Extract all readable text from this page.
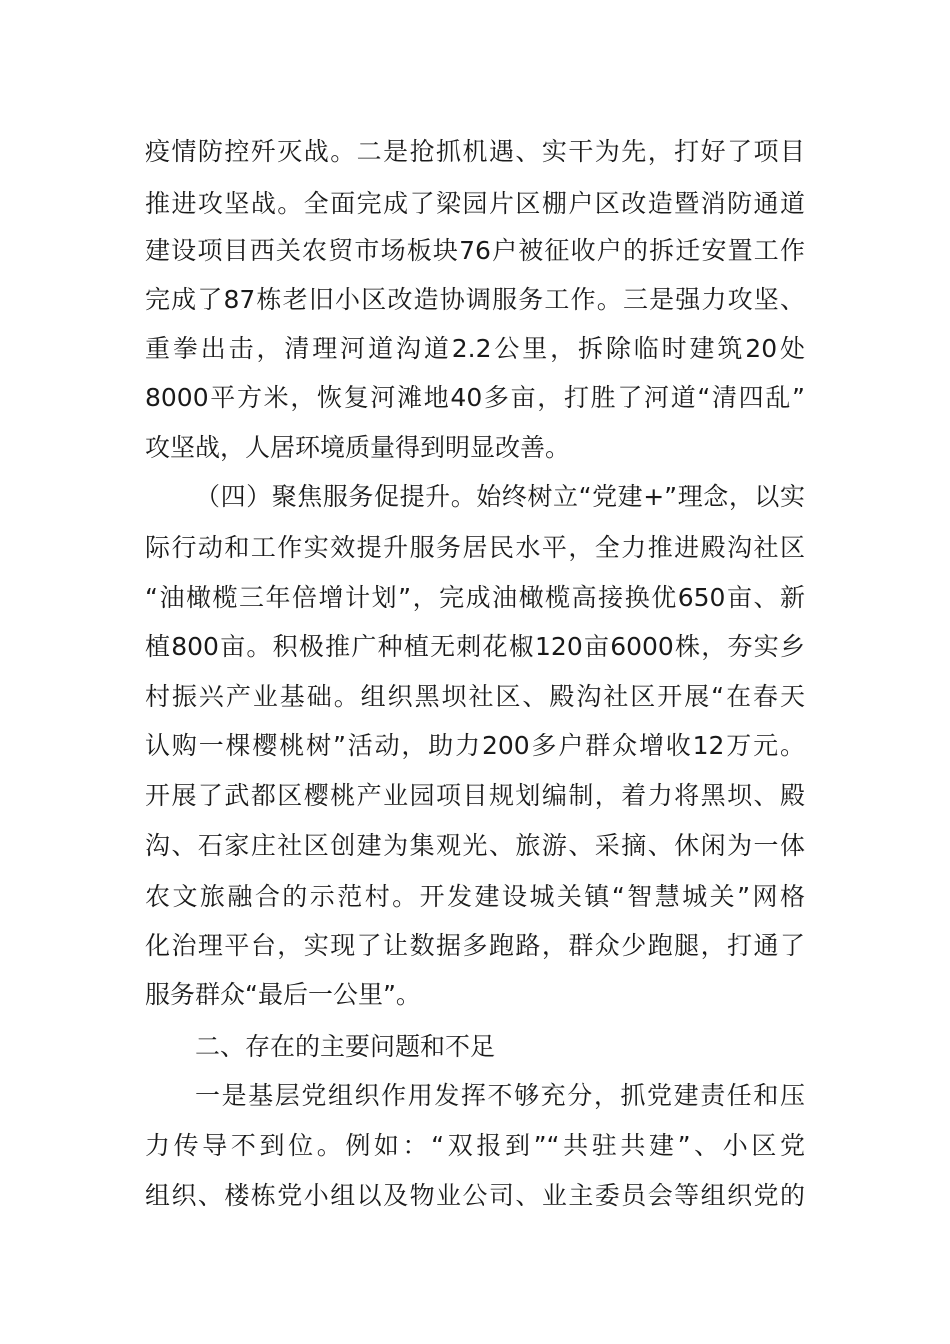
疫情防控歼灭战。二是抢抓机遇、实干为先，打好了项目
推进攻坚战。全面完成了梁园片区棚户区改造暨消防通道
建设项目西关农贸市场板块76户被征收户的拆迁安置工作
完成了87栋老旧小区改造协调服务工作。三是强力攻坚、
重拳出击，清理河道沟道2.2公里，拆除临时建筑20处
8000平方米，恢复河滩地40多亩，打胜了河道“清四乱”
攻坚战，人居环境质量得到明显改善。
（四）聚焦服务促提升。始终树立“党建+”理念，以实
际行动和工作实效提升服务居民水平，全力推进殿沟社区
“油橄榄三年倍增计划”，完成油橄榄高接换优650亩、新
植800亩。积极推广种植无刺花椒120亩6000株，夯实乡
村振兴产业基础。组织黑坝社区、殿沟社区开展“在春天
认购一棵樱桃树”活动，助力200多户群众增收12万元。
开展了武都区樱桃产业园项目规划编制，着力将黑坝、殿
沟、石家庄社区创建为集观光、旅游、采摘、休闲为一体
农文旅融合的示范村。开发建设城关镇“智慧城关”网格
化治理平台，实现了让数据多跑路，群众少跑腿，打通了
服务群众“最后一公里”。
二、存在的主要问题和不足
一是基层党组织作用发挥不够充分，抓党建责任和压
力传导不到位。例如：“双报到”“共驻共建”、小区党
组织、楼栋党小组以及物业公司、业主委员会等组织党的
